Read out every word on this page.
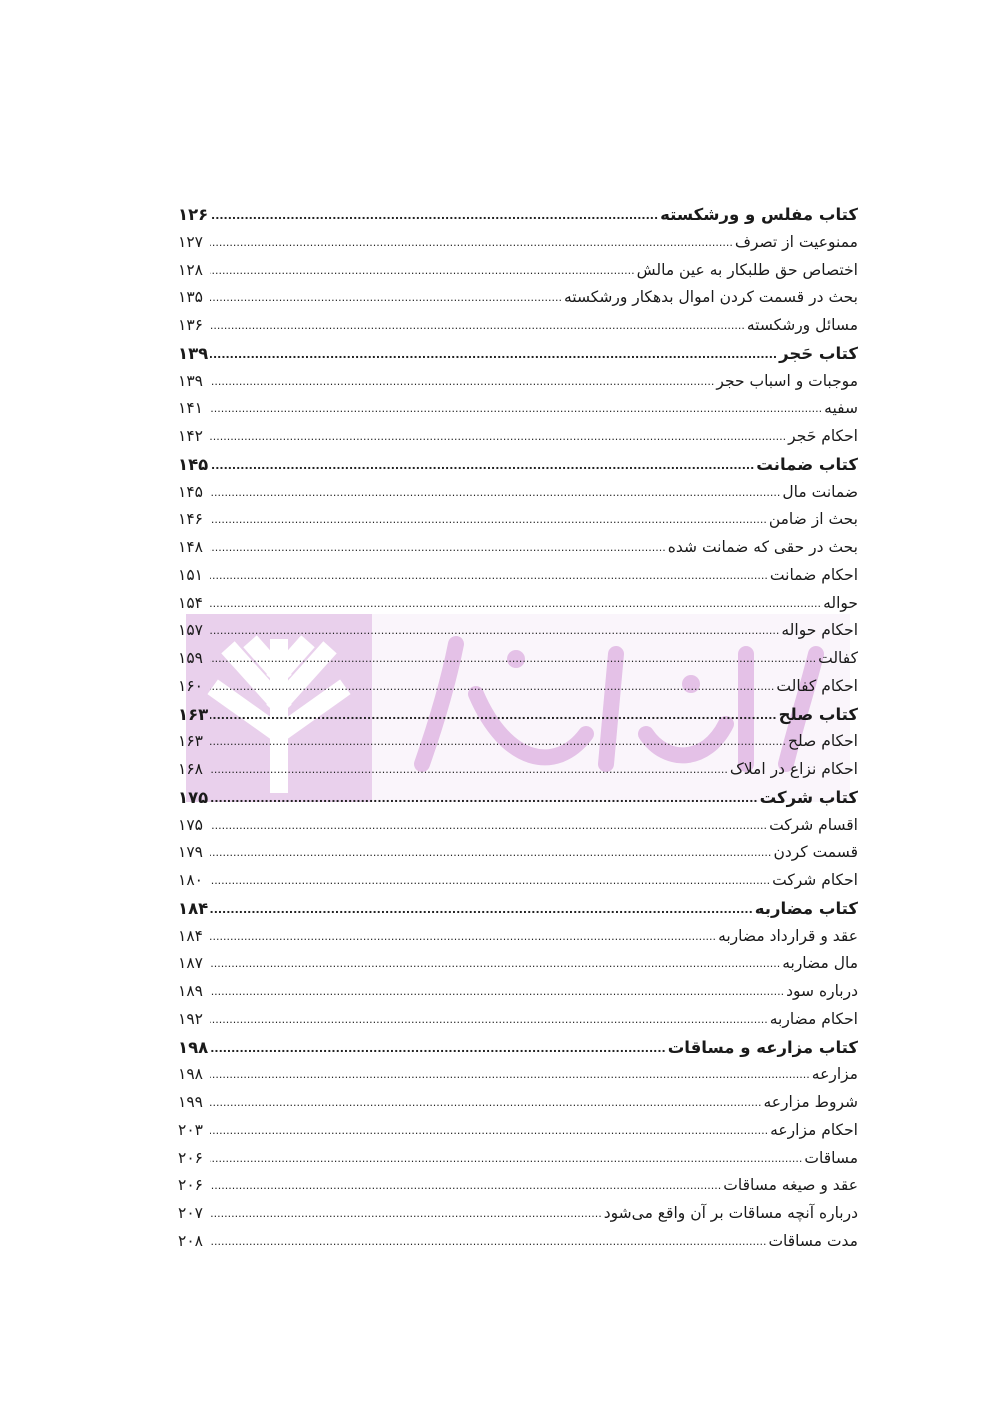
کتاب مفلس و ورشکسته
.....
۱۲۶
ممنوعیت از تصرف
.....
۱۲۷
اختصاص حق طلبکار به عین مالش
.....
۱۲۸
بحث در قسمت کردن اموال بدهکار ورشکسته
.....
۱۳۵
مسائل ورشکسته
.....
۱۳۶
کتاب حَجر
.....
۱۳۹
موجبات و اسباب حجر
.....
۱۳۹
سفیه
.....
۱۴۱
احکام حَجر
.....
۱۴۲
کتاب ضمانت
.....
۱۴۵
ضمانت مال
.....
۱۴۵
بحث از ضامن
.....
۱۴۶
بحث در حقی که ضمانت شده
.....
۱۴۸
احکام ضمانت
.....
۱۵۱
حواله
.....
۱۵۴
احکام حواله
.....
۱۵۷
کفالت
.....
۱۵۹
احکام کفالت
.....
۱۶۰
کتاب صلح
.....
۱۶۳
احکام صلح
.....
۱۶۳
احکام نزاع در املاک
.....
۱۶۸
کتاب شرکت
.....
۱۷۵
اقسام شرکت
.....
۱۷۵
قسمت کردن
.....
۱۷۹
احکام شرکت
.....
۱۸۰
کتاب مضاربه
.....
۱۸۴
عقد و قرارداد مضاربه
.....
۱۸۴
مال مضاربه
.....
۱۸۷
درباره سود
.....
۱۸۹
احکام مضاربه
.....
۱۹۲
کتاب مزارعه و مساقات
.....
۱۹۸
مزارعه
.....
۱۹۸
شروط مزارعه
.....
۱۹۹
احکام مزارعه
.....
۲۰۳
مساقات
.....
۲۰۶
عقد و صیغه مساقات
.....
۲۰۶
درباره آنچه مساقات بر آن واقع می‌شود
.....
۲۰۷
مدت مساقات
.....
۲۰۸
